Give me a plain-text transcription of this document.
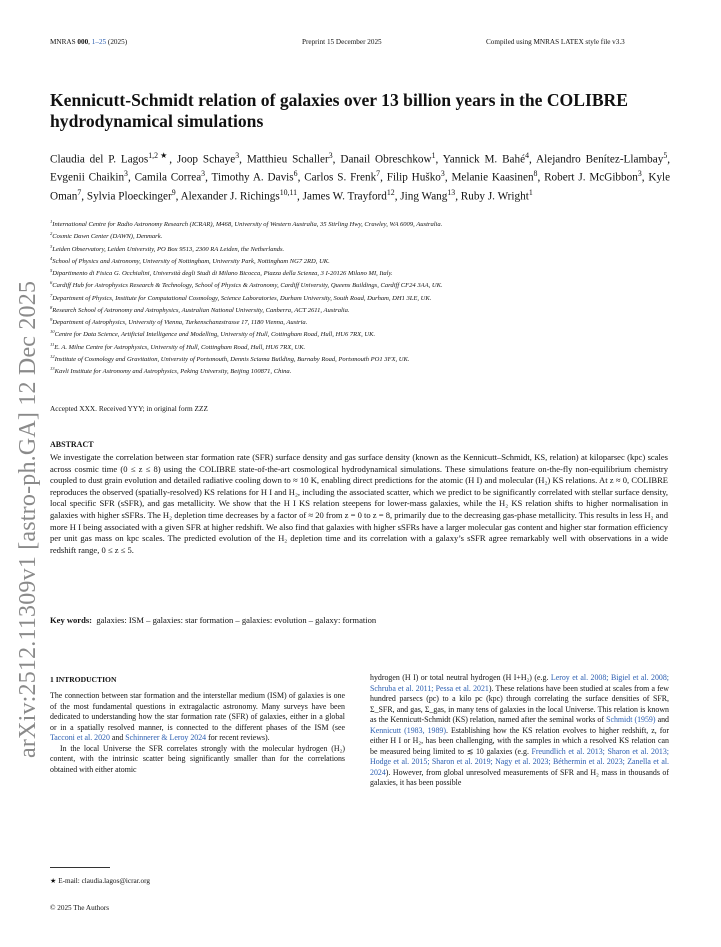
MNRAS 000, 1–25 (2025)	Preprint 15 December 2025	Compiled using MNRAS LATEX style file v3.3
arXiv:2512.11309v1 [astro-ph.GA] 12 Dec 2025
Kennicutt-Schmidt relation of galaxies over 13 billion years in the COLIBRE hydrodynamical simulations
Claudia del P. Lagos$^{1,2★}$, Joop Schaye$^3$, Matthieu Schaller$^3$, Danail Obreschkow$^1$, Yannick M. Bahé$^4$, Alejandro Benítez-Llambay$^5$, Evgenii Chaikin$^3$, Camila Correa$^3$, Timothy A. Davis$^6$, Carlos S. Frenk$^7$, Filip Huško$^3$, Melanie Kaasinen$^8$, Robert J. McGibbon$^3$, Kyle Oman$^7$, Sylvia Ploeckinger$^9$, Alexander J. Richings$^{10,11}$, James W. Trayford$^{12}$, Jing Wang$^{13}$, Ruby J. Wright$^1$
$^1$International Centre for Radio Astronomy Research (ICRAR), M468, University of Western Australia, 35 Stirling Hwy, Crawley, WA 6009, Australia.
$^2$Cosmic Dawn Center (DAWN), Denmark.
$^3$Leiden Observatory, Leiden University, PO Box 9513, 2300 RA Leiden, the Netherlands.
$^4$School of Physics and Astronomy, University of Nottingham, University Park, Nottingham NG7 2RD, UK.
$^5$Dipartimento di Fisica G. Occhialini, Università degli Studi di Milano Bicocca, Piazza della Scienza, 3 I-20126 Milano MI, Italy.
$^6$Cardiff Hub for Astrophysics Research & Technology, School of Physics & Astronomy, Cardiff University, Queens Buildings, Cardiff CF24 3AA, UK.
$^7$Department of Physics, Institute for Computational Cosmology, Science Laboratories, Durham University, South Road, Durham, DH1 3LE, UK.
$^8$Research School of Astronomy and Astrophysics, Australian National University, Canberra, ACT 2611, Australia.
$^9$Department of Astrophysics, University of Vienna, Turkenschanzstrasse 17, 1180 Vienna, Austria.
$^{10}$Centre for Data Science, Artificial Intelligence and Modelling, University of Hull, Cottingham Road, Hull, HU6 7RX, UK.
$^{11}$E. A. Milne Centre for Astrophysics, University of Hull, Cottingham Road, Hull, HU6 7RX, UK.
$^{12}$Institute of Cosmology and Gravitation, University of Portsmouth, Dennis Sciama Building, Burnaby Road, Portsmouth PO1 3FX, UK.
$^{13}$Kavli Institute for Astronomy and Astrophysics, Peking University, Beijing 100871, China.
Accepted XXX. Received YYY; in original form ZZZ
ABSTRACT
We investigate the correlation between star formation rate (SFR) surface density and gas surface density (known as the Kennicutt–Schmidt, KS, relation) at kiloparsec (kpc) scales across cosmic time (0 ≤ z ≤ 8) using the COLIBRE state-of-the-art cosmological hydrodynamical simulations. These simulations feature on-the-fly non-equilibrium chemistry coupled to dust grain evolution and detailed radiative cooling down to ≈ 10 K, enabling direct predictions for the atomic (H I) and molecular (H₂) KS relations. At z ≈ 0, COLIBRE reproduces the observed (spatially-resolved) KS relations for H I and H₂, including the associated scatter, which we predict to be significantly correlated with stellar surface density, local specific SFR (sSFR), and gas metallicity. We show that the H I KS relation steepens for lower-mass galaxies, while the H₂ KS relation shifts to higher normalisation in galaxies with higher sSFRs. The H₂ depletion time decreases by a factor of ≈ 20 from z = 0 to z = 8, primarily due to the decreasing gas-phase metallicity. This results in less H₂ and more H I being associated with a given SFR at higher redshift. We also find that galaxies with higher sSFRs have a larger molecular gas content and higher star formation efficiency per unit gas mass on kpc scales. The predicted evolution of the H₂ depletion time and its correlation with a galaxy’s sSFR agree remarkably well with observations in a wide redshift range, 0 ≤ z ≤ 5.
Key words: galaxies: ISM – galaxies: star formation – galaxies: evolution – galaxy: formation
1 INTRODUCTION

The connection between star formation and the interstellar medium (ISM) of galaxies is one of the most fundamental questions in extragalactic astronomy. Many surveys have been dedicated to understanding how the star formation rate (SFR) of galaxies, either in a global or in a spatially resolved manner, is connected to the different phases of the ISM (see Tacconi et al. 2020 and Schinnerer & Leroy 2024 for recent reviews).

In the local Universe the SFR correlates strongly with the molecular hydrogen (H₂) content, with the intrinsic scatter being significantly smaller than for the correlations obtained with either atomic

hydrogen (H I) or total neutral hydrogen (H I+H₂) (e.g. Leroy et al. 2008; Bigiel et al. 2008; Schruba et al. 2011; Pessa et al. 2021). These relations have been studied at scales from a few hundred parsecs (pc) to a kilo pc (kpc) through correlating the surface densities of SFR, Σ_SFR, and gas, Σ_gas, in many tens of galaxies in the local Universe. This relation is known as the Kennicutt-Schmidt (KS) relation, named after the seminal works of Schmidt (1959) and Kennicutt (1983, 1989). Establishing how the KS relation evolves to higher redshift, z, for either H I or H₂, has been challenging, with the samples in which a resolved KS relation can be measured being limited to ≲ 10 galaxies (e.g. Freundlich et al. 2013; Sharon et al. 2013; Hodge et al. 2015; Sharon et al. 2019; Nagy et al. 2023; Béthermin et al. 2023; Zanella et al. 2024). However, from global unresolved measurements of SFR and H₂ mass in thousands of galaxies, it has been possible

★ E-mail: claudia.lagos@icrar.org
© 2025 The Authors
